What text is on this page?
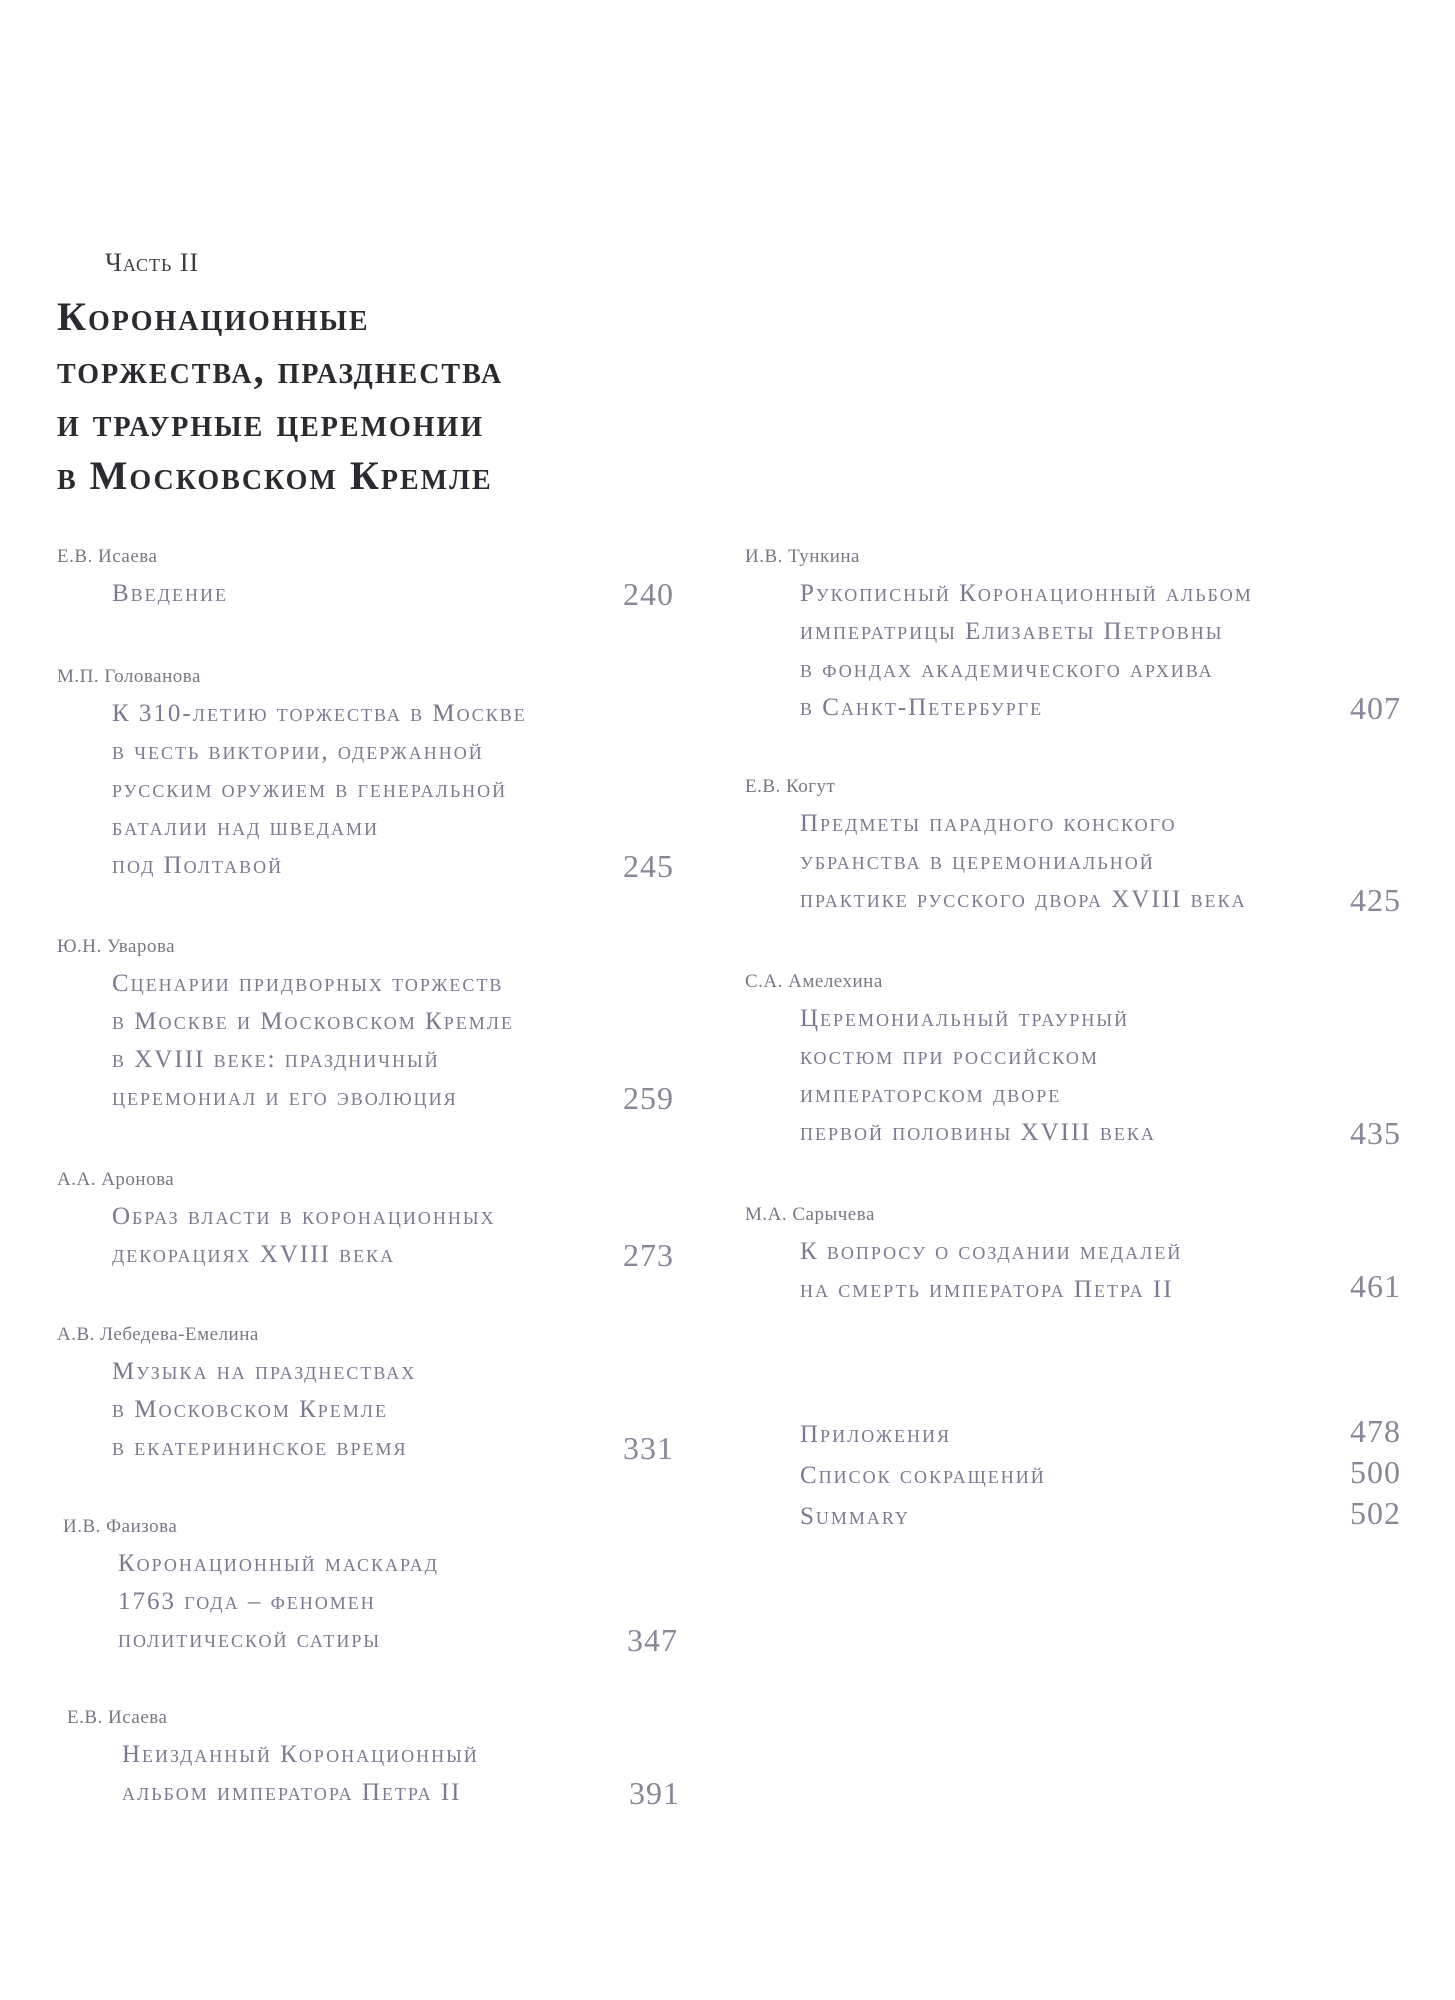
Часть II
Коронационные
торжества, празднества
и траурные церемонии
в Московском Кремле
Е.В. Исаева
Введение	240
М.П. Голованова
К 310-летию торжества в Москве
в честь виктории, одержанной
русским оружием в генеральной
баталии над шведами
под Полтавой	245
Ю.Н. Уварова
Сценарии придворных торжеств
в Москве и Московском Кремле
в XVIII веке: праздничный
церемониал и его эволюция	259
А.А. Аронова
Образ власти в коронационных
декорациях XVIII века	273
А.В. Лебедева-Емелина
Музыка на празднествах
в Московском Кремле
в екатерининское время	331
И.В. Фаизова
Коронационный маскарад
1763 года – феномен
политической сатиры	347
Е.В. Исаева
Неизданный Коронационный
альбом императора Петра II	391
И.В. Тункина
Рукописный Коронационный альбом
императрицы Елизаветы Петровны
в фондах академического архива
в Санкт-Петербурге	407
Е.В. Когут
Предметы парадного конского
убранства в церемониальной
практике русского двора XVIII века	425
С.А. Амелехина
Церемониальный траурный
костюм при российском
императорском дворе
первой половины XVIII века	435
М.А. Сарычева
К вопросу о создании медалей
на смерть императора Петра II	461
Приложения	478
Список сокращений	500
Summary	502
